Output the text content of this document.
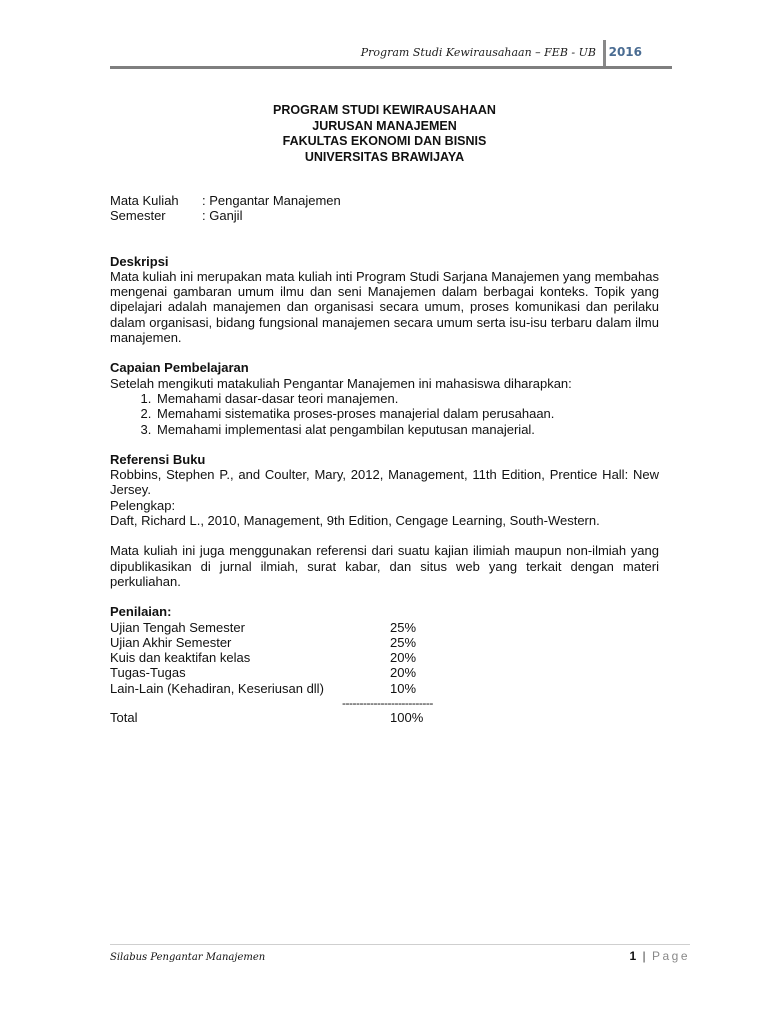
Program Studi Kewirausahaan – FEB - UB 2016
PROGRAM STUDI KEWIRAUSAHAAN
JURUSAN MANAJEMEN
FAKULTAS EKONOMI DAN BISNIS
UNIVERSITAS BRAWIJAYA
Mata Kuliah	: Pengantar Manajemen
Semester	: Ganjil
Deskripsi
Mata kuliah ini merupakan mata kuliah inti Program Studi Sarjana Manajemen yang membahas mengenai gambaran umum ilmu dan seni Manajemen dalam berbagai konteks. Topik yang dipelajari adalah manajemen dan organisasi secara umum, proses komunikasi dan perilaku dalam organisasi, bidang fungsional manajemen secara umum serta isu-isu terbaru dalam ilmu manajemen.
Capaian Pembelajaran
Setelah mengikuti matakuliah Pengantar Manajemen ini mahasiswa diharapkan:
1. Memahami dasar-dasar teori manajemen.
2. Memahami sistematika proses-proses manajerial dalam perusahaan.
3. Memahami implementasi alat pengambilan keputusan manajerial.
Referensi Buku
Robbins, Stephen P., and Coulter, Mary, 2012, Management, 11th Edition, Prentice Hall: New Jersey.
Pelengkap:
Daft, Richard L., 2010, Management, 9th Edition, Cengage Learning, South-Western.
Mata kuliah ini juga menggunakan referensi dari suatu kajian ilimiah maupun non-ilmiah yang dipublikasikan di jurnal ilmiah, surat kabar, dan situs web yang terkait dengan materi perkuliahan.
Penilaian:
Ujian Tengah Semester	25%
Ujian Akhir Semester	25%
Kuis dan keaktifan kelas	20%
Tugas-Tugas	20%
Lain-Lain (Kehadiran, Keseriusan dll)	10%
--------------------------
Total	100%
Silabus Pengantar Manajemen	1 | Page
